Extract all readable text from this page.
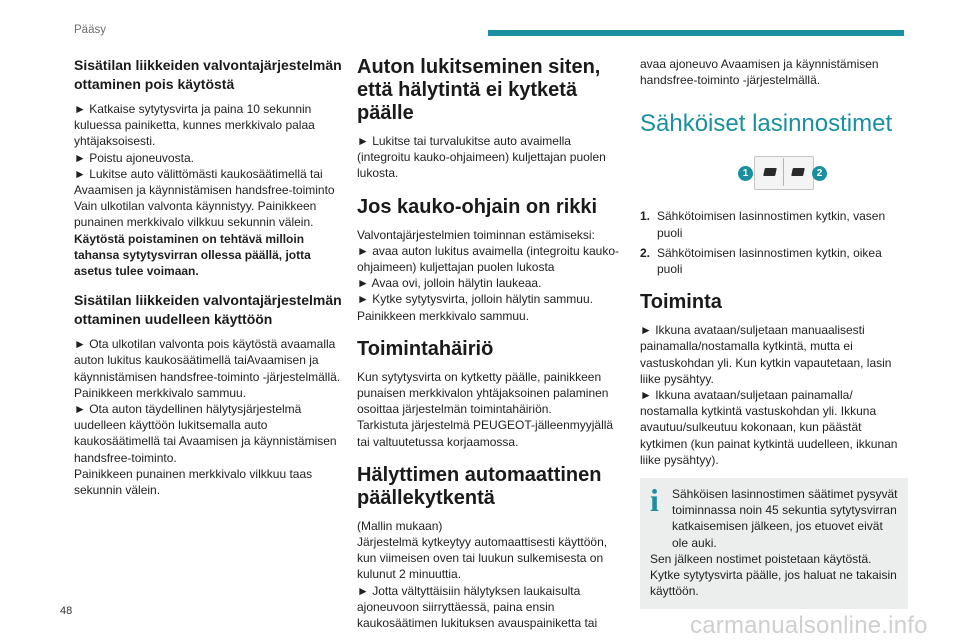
Pääsy
Sisätilan liikkeiden valvontajärjestelmän ottaminen pois käytöstä

► Katkaise sytytysvirta ja paina 10 sekunnin kuluessa painiketta, kunnes merkkivalo palaa yhtäjaksoisesti.

► Poistu ajoneuvosta.

► Lukitse auto välittömästi kaukosäätimellä tai Avaamisen ja käynnistämisen handsfree-toiminto Vain ulkotilan valvonta käynnistyy. Painikkeen punainen merkkivalo vilkkuu sekunnin välein.

Käytöstä poistaminen on tehtävä milloin tahansa sytytysvirran ollessa päällä, jotta asetus tulee voimaan.

Sisätilan liikkeiden valvontajärjestelmän ottaminen uudelleen käyttöön

► Ota ulkotilan valvonta pois käytöstä avaamalla auton lukitus kaukosäätimellä taiAvaamisen ja käynnistämisen handsfree-toiminto -järjestelmällä.

Painikkeen merkkivalo sammuu.

► Ota auton täydellinen hälytysjärjestelmä uudelleen käyttöön lukitsemalla auto kaukosäätimellä tai Avaamisen ja käynnistämisen handsfree-toiminto.

Painikkeen punainen merkkivalo vilkkuu taas sekunnin välein.

Auton lukitseminen siten, että hälytintä ei kytketä päälle

► Lukitse tai turvalukitse auto avaimella (integroitu kauko-ohjaimeen) kuljettajan puolen lukosta.

Jos kauko-ohjain on rikki

Valvontajärjestelmien toiminnan estämiseksi:

► avaa auton lukitus avaimella (integroitu kauko-ohjaimeen) kuljettajan puolen lukosta

► Avaa ovi, jolloin hälytin laukeaa.

► Kytke sytytysvirta, jolloin hälytin sammuu. Painikkeen merkkivalo sammuu.

Toimintahäiriö

Kun sytytysvirta on kytketty päälle, painikkeen punaisen merkkivalon yhtäjaksoinen palaminen osoittaa järjestelmän toimintahäiriön.

Tarkistuta järjestelmä PEUGEOT-jälleenmyyjällä tai valtuutetussa korjaamossa.

Hälyttimen automaattinen päällekytkentä

(Mallin mukaan)

Järjestelmä kytkeytyy automaattisesti käyttöön, kun viimeisen oven tai luukun sulkemisesta on kulunut 2 minuuttia.

► Jotta vältyttäisiin hälytyksen laukaisulta ajoneuvoon siirryttäessä, paina ensin kaukosäätimen lukituksen avauspainiketta tai

avaa ajoneuvo Avaamisen ja käynnistämisen handsfree-toiminto -järjestelmällä.

Sähköiset lasinnostimet
1	2
1. Sähkötoimisen lasinnostimen kytkin, vasen puoli
2. Sähkötoimisen lasinnostimen kytkin, oikea puoli
Toiminta

► Ikkuna avataan/suljetaan manuaalisesti painamalla/nostamalla kytkintä, mutta ei vastuskohdan yli. Kun kytkin vapautetaan, lasin liike pysähtyy.

► Ikkuna avataan/suljetaan painamalla/ nostamalla kytkintä vastuskohdan yli. Ikkuna avautuu/sulkeutuu kokonaan, kun päästät kytkimen (kun painat kytkintä uudelleen, ikkunan liike pysähtyy).

i	Sähköisen lasinnostimen säätimet pysyvät toiminnassa noin 45 sekuntia sytytysvirran katkaisemisen jälkeen, jos etuovet eivät ole auki.

Sen jälkeen nostimet poistetaan käytöstä. Kytke sytytysvirta päälle, jos haluat ne takaisin käyttöön.

48
carmanualsonline.info
